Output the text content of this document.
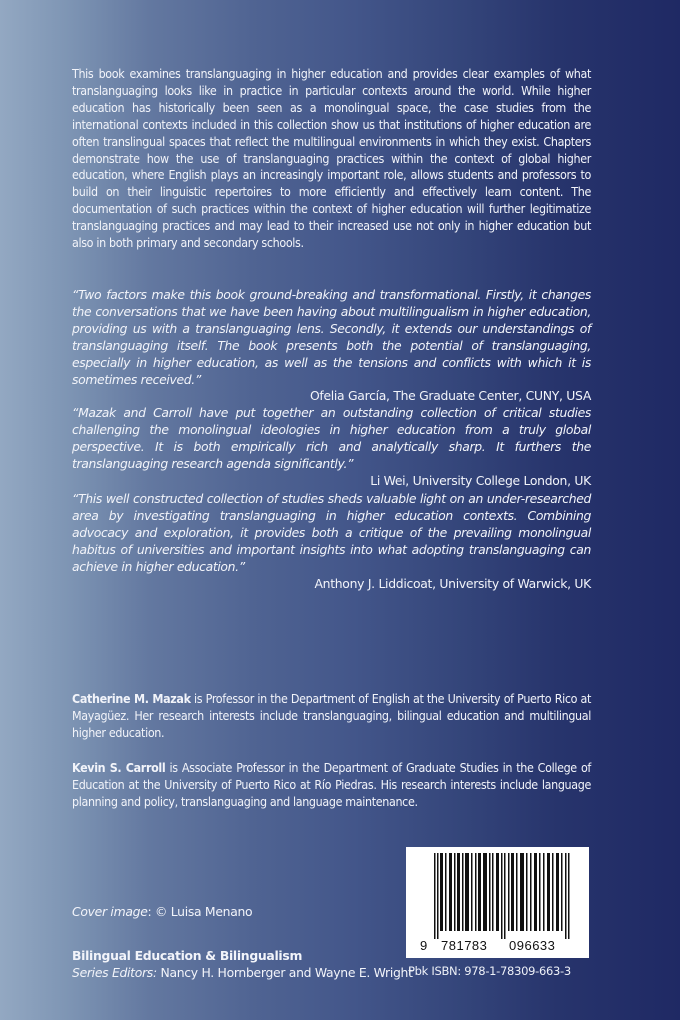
This book examines translanguaging in higher education and provides clear examples of what translanguaging looks like in practice in particular contexts around the world. While higher education has historically been seen as a monolingual space, the case studies from the international contexts included in this collection show us that institutions of higher education are often translingual spaces that reflect the multilingual environments in which they exist. Chapters demonstrate how the use of translanguaging practices within the context of global higher education, where English plays an increasingly important role, allows students and professors to build on their linguistic repertoires to more efficiently and effectively learn content. The documentation of such practices within the context of higher education will further legitimatize translanguaging practices and may lead to their increased use not only in higher education but also in both primary and secondary schools.

“Two factors make this book ground-breaking and transformational. Firstly, it changes the conversations that we have been having about multilingualism in higher education, providing us with a translanguaging lens. Secondly, it extends our understandings of translanguaging itself. The book presents both the potential of translanguaging, especially in higher education, as well as the tensions and conflicts with which it is sometimes received.”

Ofelia García, The Graduate Center, CUNY, USA

“Mazak and Carroll have put together an outstanding collection of critical studies challenging the monolingual ideologies in higher education from a truly global perspective. It is both empirically rich and analytically sharp. It furthers the translanguaging research agenda significantly.”

Li Wei, University College London, UK

“This well constructed collection of studies sheds valuable light on an under-researched area by investigating translanguaging in higher education contexts. Combining advocacy and exploration, it provides both a critique of the prevailing monolingual habitus of universities and important insights into what adopting translanguaging can achieve in higher education.”

Anthony J. Liddicoat, University of Warwick, UK

Catherine M. Mazak is Professor in the Department of English at the University of Puerto Rico at Mayagüez. Her research interests include translanguaging, bilingual education and multilingual higher education.

Kevin S. Carroll is Associate Professor in the Department of Graduate Studies in the College of Education at the University of Puerto Rico at Río Piedras. His research interests include language planning and policy, translanguaging and language maintenance.

Cover image: © Luisa Menano
Bilingual Education & Bilingualism
Series Editors: Nancy H. Hornberger and Wayne E. Wright
9 781783 096633
Pbk ISBN: 978-1-78309-663-3
